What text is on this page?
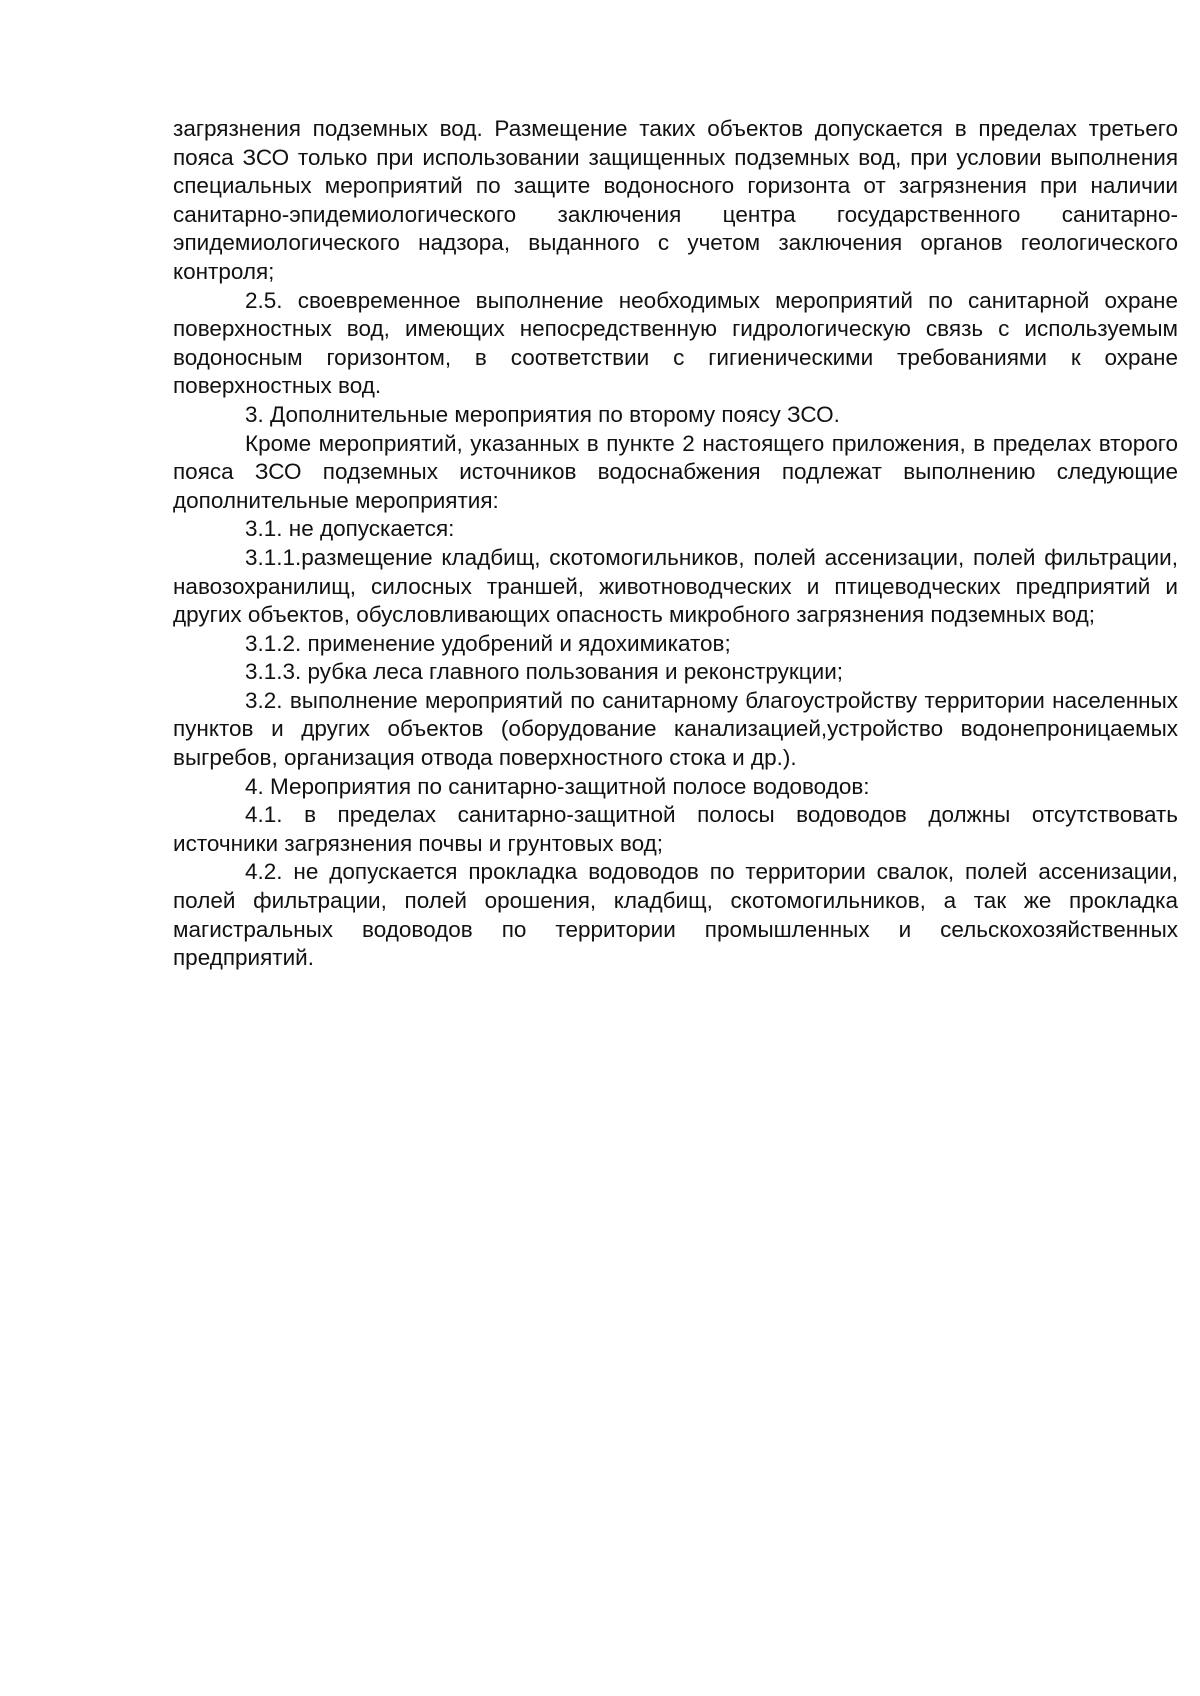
загрязнения подземных вод. Размещение таких объектов допускается в пределах третьего пояса ЗСО только при использовании защищенных подземных вод, при условии выполнения специальных мероприятий по защите водоносного горизонта от загрязнения при наличии санитарно-эпидемиологического заключения центра государственного санитарно-эпидемиологического надзора, выданного с учетом заключения органов геологического контроля;

2.5. своевременное выполнение необходимых мероприятий по санитарной охране поверхностных вод, имеющих непосредственную гидрологическую связь с используемым водоносным горизонтом, в соответствии с гигиеническими требованиями к охране поверхностных вод.

3. Дополнительные мероприятия по второму поясу ЗСО.

Кроме мероприятий, указанных в пункте 2 настоящего приложения, в пределах второго пояса ЗСО подземных источников водоснабжения подлежат выполнению следующие дополнительные мероприятия:

3.1. не допускается:

3.1.1.размещение кладбищ, скотомогильников, полей ассенизации, полей фильтрации, навозохранилищ, силосных траншей, животноводческих и птицеводческих предприятий и других объектов, обусловливающих опасность микробного загрязнения подземных вод;

3.1.2. применение удобрений и ядохимикатов;

3.1.3. рубка леса главного пользования и реконструкции;

3.2. выполнение мероприятий по санитарному благоустройству территории населенных пунктов и других объектов (оборудование канализацией,устройство водонепроницаемых выгребов, организация отвода поверхностного стока и др.).

4. Мероприятия по санитарно-защитной полосе водоводов:

4.1. в пределах санитарно-защитной полосы водоводов должны отсутствовать источники загрязнения почвы и грунтовых вод;

4.2. не допускается прокладка водоводов по территории свалок, полей ассенизации, полей фильтрации, полей орошения, кладбищ, скотомогильников, а так же прокладка магистральных водоводов по территории промышленных и сельскохозяйственных предприятий.
